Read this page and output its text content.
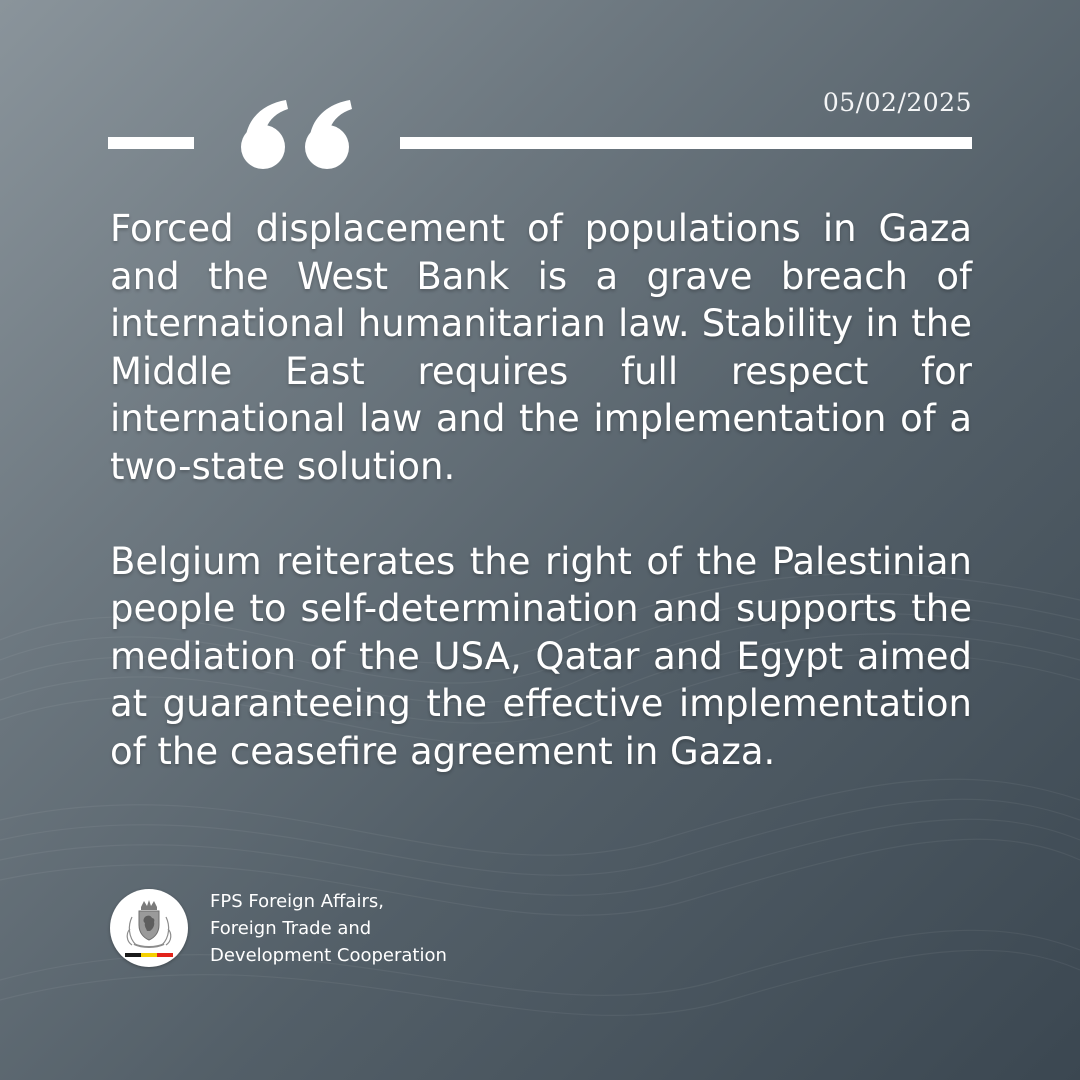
05/02/2025

Forced displacement of populations in Gaza and the West Bank is a grave breach of international humanitarian law. Stability in the Middle East requires full respect for international law and the implementation of a two-state solution.

Belgium reiterates the right of the Palestinian people to self-determination and supports the mediation of the USA, Qatar and Egypt aimed at guaranteeing the effective implementation of the ceasefire agreement in Gaza.

FPS Foreign Affairs,
Foreign Trade and
Development Cooperation
